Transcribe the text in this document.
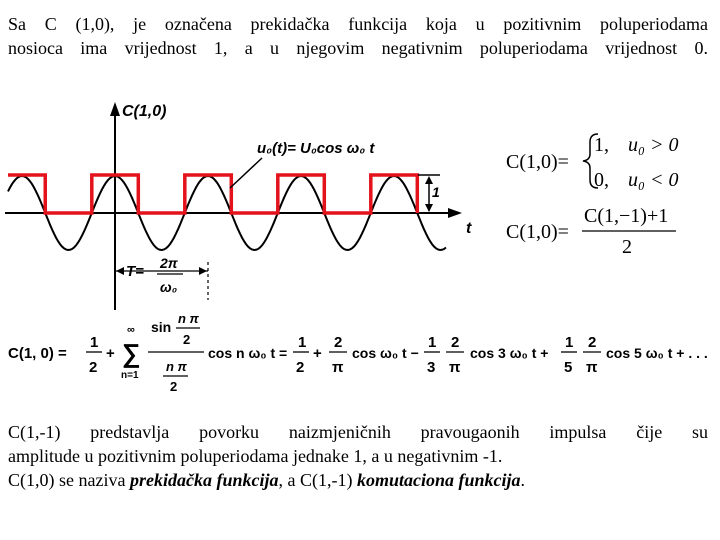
Sa C (1,0), je označena prekidačka funkcija koja u pozitivnim poluperiodama
nosioca ima vrijednost 1, a u njegovim negativnim poluperiodama vrijednost 0.
C(1,0)
t
1
u₀(t)= U₀cos ω₀ t
T= 2π
ω₀
C(1,0)=
1, u₀ > 0
0, u₀ < 0
C(1,0)=
C(1,−1)+1
2
C(1, 0) =
1
2
+
∞
∑
n=1
sin
n π
2
n π
2
cos n ω₀ t =
1
2
+
2
π
cos ω₀ t −
1
3
2
π
cos 3 ω₀ t +
1
5
2
π
cos 5 ω₀ t + . . .
C(1,-1) predstavlja povorku naizmjeničnih pravougaonih impulsa čije su
amplitude u pozitivnim poluperiodama jednake 1, a u negativnim -1.
C(1,0) se naziva prekidačka funkcija, a C(1,-1) komutaciona funkcija.
